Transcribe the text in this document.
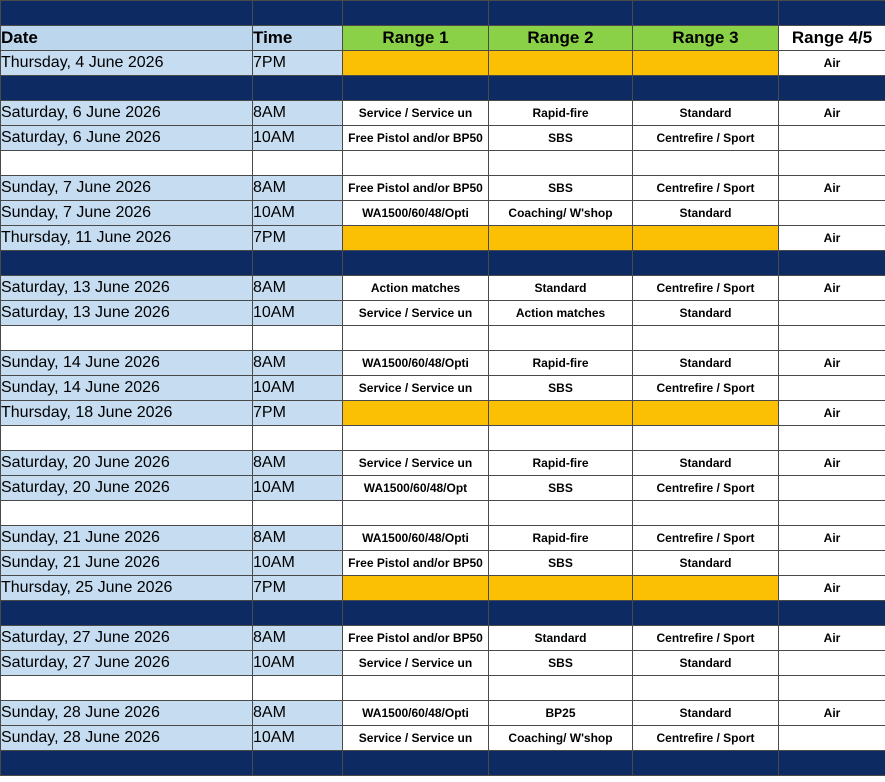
Date	Time	Range 1	Range 2	Range 3	Range 4/5
Thursday, 4 June 2026	7PM				Air

Saturday, 6 June 2026	8AM	Service / Service un	Rapid-fire	Standard	Air
Saturday, 6 June 2026	10AM	Free Pistol and/or BP50	SBS	Centrefire / Sport	

Sunday, 7 June 2026	8AM	Free Pistol and/or BP50	SBS	Centrefire / Sport	Air
Sunday, 7 June 2026	10AM	WA1500/60/48/Opti	Coaching/ W'shop	Standard	
Thursday, 11 June 2026	7PM				Air

Saturday, 13 June 2026	8AM	Action matches	Standard	Centrefire / Sport	Air
Saturday, 13 June 2026	10AM	Service / Service un	Action matches	Standard	

Sunday, 14 June 2026	8AM	WA1500/60/48/Opti	Rapid-fire	Standard	Air
Sunday, 14 June 2026	10AM	Service / Service un	SBS	Centrefire / Sport	
Thursday, 18 June 2026	7PM				Air

Saturday, 20 June 2026	8AM	Service / Service un	Rapid-fire	Standard	Air
Saturday, 20 June 2026	10AM	WA1500/60/48/Opt	SBS	Centrefire / Sport	

Sunday, 21 June 2026	8AM	WA1500/60/48/Opti	Rapid-fire	Centrefire / Sport	Air
Sunday, 21 June 2026	10AM	Free Pistol and/or BP50	SBS	Standard	
Thursday, 25 June 2026	7PM				Air

Saturday, 27 June 2026	8AM	Free Pistol and/or BP50	Standard	Centrefire / Sport	Air
Saturday, 27 June 2026	10AM	Service / Service un	SBS	Standard	

Sunday, 28 June 2026	8AM	WA1500/60/48/Opti	BP25	Standard	Air
Sunday, 28 June 2026	10AM	Service / Service un	Coaching/ W'shop	Centrefire / Sport	
